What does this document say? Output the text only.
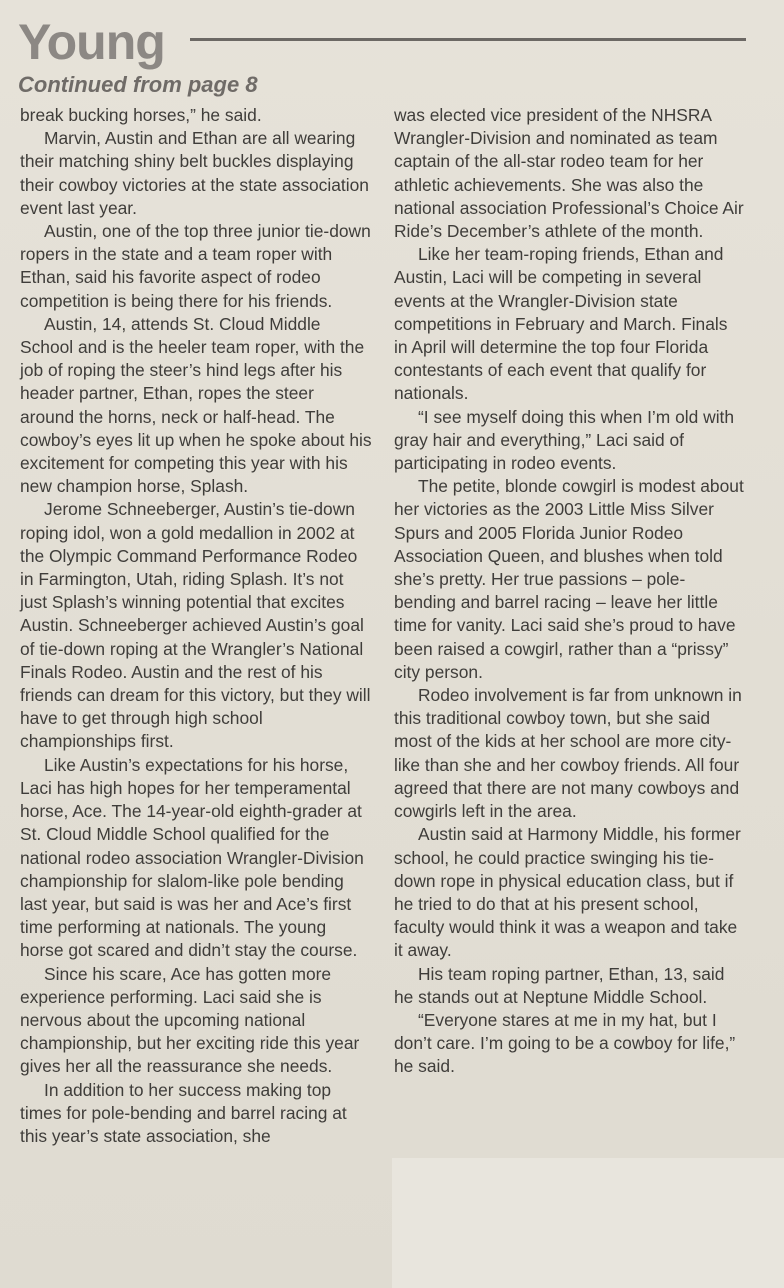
Young
Continued from page 8

break bucking horses,” he said.

Marvin, Austin and Ethan are all wearing their matching shiny belt buckles displaying their cowboy victories at the state association event last year.

Austin, one of the top three junior tie-down ropers in the state and a team roper with Ethan, said his favorite aspect of rodeo competition is being there for his friends.

Austin, 14, attends St. Cloud Middle School and is the heeler team roper, with the job of roping the steer’s hind legs after his header partner, Ethan, ropes the steer around the horns, neck or half-head. The cowboy’s eyes lit up when he spoke about his excitement for competing this year with his new champion horse, Splash.

Jerome Schneeberger, Austin’s tie-down roping idol, won a gold medallion in 2002 at the Olympic Command Performance Rodeo in Farmington, Utah, riding Splash. It’s not just Splash’s winning potential that excites Austin. Schneeberger achieved Austin’s goal of tie-down roping at the Wrangler’s National Finals Rodeo. Austin and the rest of his friends can dream for this victory, but they will have to get through high school championships first.

Like Austin’s expectations for his horse, Laci has high hopes for her temperamental horse, Ace. The 14-year-old eighth-grader at St. Cloud Middle School qualified for the national rodeo association Wrangler-Division championship for slalom-like pole bending last year, but said is was her and Ace’s first time performing at nationals. The young horse got scared and didn’t stay the course.

Since his scare, Ace has gotten more experience performing. Laci said she is nervous about the upcoming national championship, but her exciting ride this year gives her all the reassurance she needs.

In addition to her success making top times for pole-bending and barrel racing at this year’s state association, she

was elected vice president of the NHSRA Wrangler-Division and nominated as team captain of the all-star rodeo team for her athletic achievements. She was also the national association Professional’s Choice Air Ride’s December’s athlete of the month.

Like her team-roping friends, Ethan and Austin, Laci will be competing in several events at the Wrangler-Division state competitions in February and March. Finals in April will determine the top four Florida contestants of each event that qualify for nationals.

“I see myself doing this when I’m old with gray hair and everything,” Laci said of participating in rodeo events.

The petite, blonde cowgirl is modest about her victories as the 2003 Little Miss Silver Spurs and 2005 Florida Junior Rodeo Association Queen, and blushes when told she’s pretty. Her true passions – pole-bending and barrel racing – leave her little time for vanity. Laci said she’s proud to have been raised a cowgirl, rather than a “prissy” city person.

Rodeo involvement is far from unknown in this traditional cowboy town, but she said most of the kids at her school are more city-like than she and her cowboy friends. All four agreed that there are not many cowboys and cowgirls left in the area.

Austin said at Harmony Middle, his former school, he could practice swinging his tie-down rope in physical education class, but if he tried to do that at his present school, faculty would think it was a weapon and take it away.

His team roping partner, Ethan, 13, said he stands out at Neptune Middle School.

“Everyone stares at me in my hat, but I don’t care. I’m going to be a cowboy for life,” he said.
